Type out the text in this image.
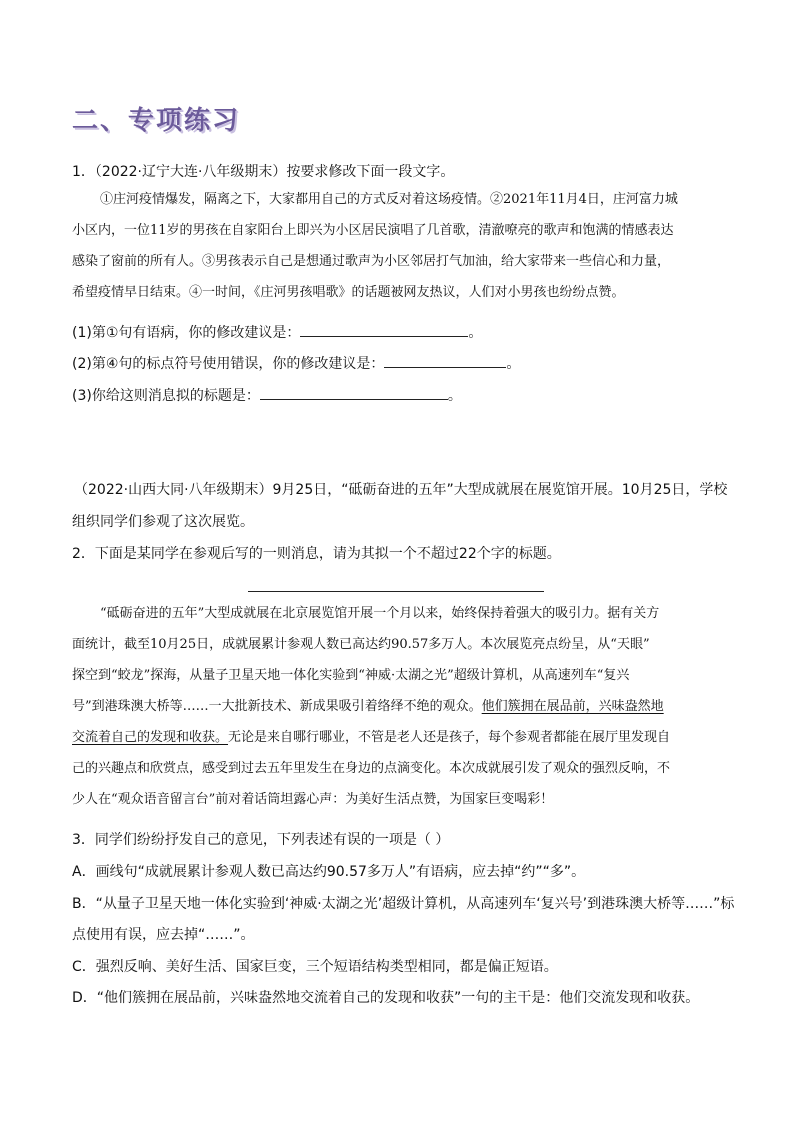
二、专项练习
1．（2022·辽宁大连·八年级期末）按要求修改下面一段文字。

①庄河疫情爆发，隔离之下，大家都用自己的方式反对着这场疫情。②2021年11月4日，庄河富力城

小区内，一位11岁的男孩在自家阳台上即兴为小区居民演唱了几首歌，清澈嘹亮的歌声和饱满的情感表达

感染了窗前的所有人。③男孩表示自己是想通过歌声为小区邻居打气加油，给大家带来一些信心和力量，

希望疫情早日结束。④一时间，《庄河男孩唱歌》的话题被网友热议，人们对小男孩也纷纷点赞。

(1)第①句有语病，你的修改建议是：	。
(2)第④句的标点符号使用错误，你的修改建议是：	。
(3)你给这则消息拟的标题是：	。
（2022·山西大同·八年级期末）9月25日，“砥砺奋进的五年”大型成就展在展览馆开展。10月25日，学校
组织同学们参观了这次展览。
2．下面是某同学在参观后写的一则消息，请为其拟一个不超过22个字的标题。

“砥砺奋进的五年”大型成就展在北京展览馆开展一个月以来，始终保持着强大的吸引力。据有关方

面统计，截至10月25日，成就展累计参观人数已高达约90.57多万人。本次展览亮点纷呈，从“天眼”

探空到“蛟龙”探海，从量子卫星天地一体化实验到“神威·太湖之光”超级计算机，从高速列车“复兴

号”到港珠澳大桥等……一大批新技术、新成果吸引着络绎不绝的观众。他们簇拥在展品前，兴味盎然地

交流着自己的发现和收获。无论是来自哪行哪业，不管是老人还是孩子，每个参观者都能在展厅里发现自

己的兴趣点和欣赏点，感受到过去五年里发生在身边的点滴变化。本次成就展引发了观众的强烈反响，不

少人在“观众语音留言台”前对着话筒坦露心声：为美好生活点赞，为国家巨变喝彩！

3．同学们纷纷抒发自己的意见，下列表述有误的一项是（ ）
A．画线句“成就展累计参观人数已高达约90.57多万人”有语病，应去掉“约”“多”。
B．“从量子卫星天地一体化实验到‘神威·太湖之光’超级计算机，从高速列车‘复兴号’到港珠澳大桥等……”标
点使用有误，应去掉“……”。
C．强烈反响、美好生活、国家巨变，三个短语结构类型相同，都是偏正短语。
D．“他们簇拥在展品前，兴味盎然地交流着自己的发现和收获”一句的主干是：他们交流发现和收获。
